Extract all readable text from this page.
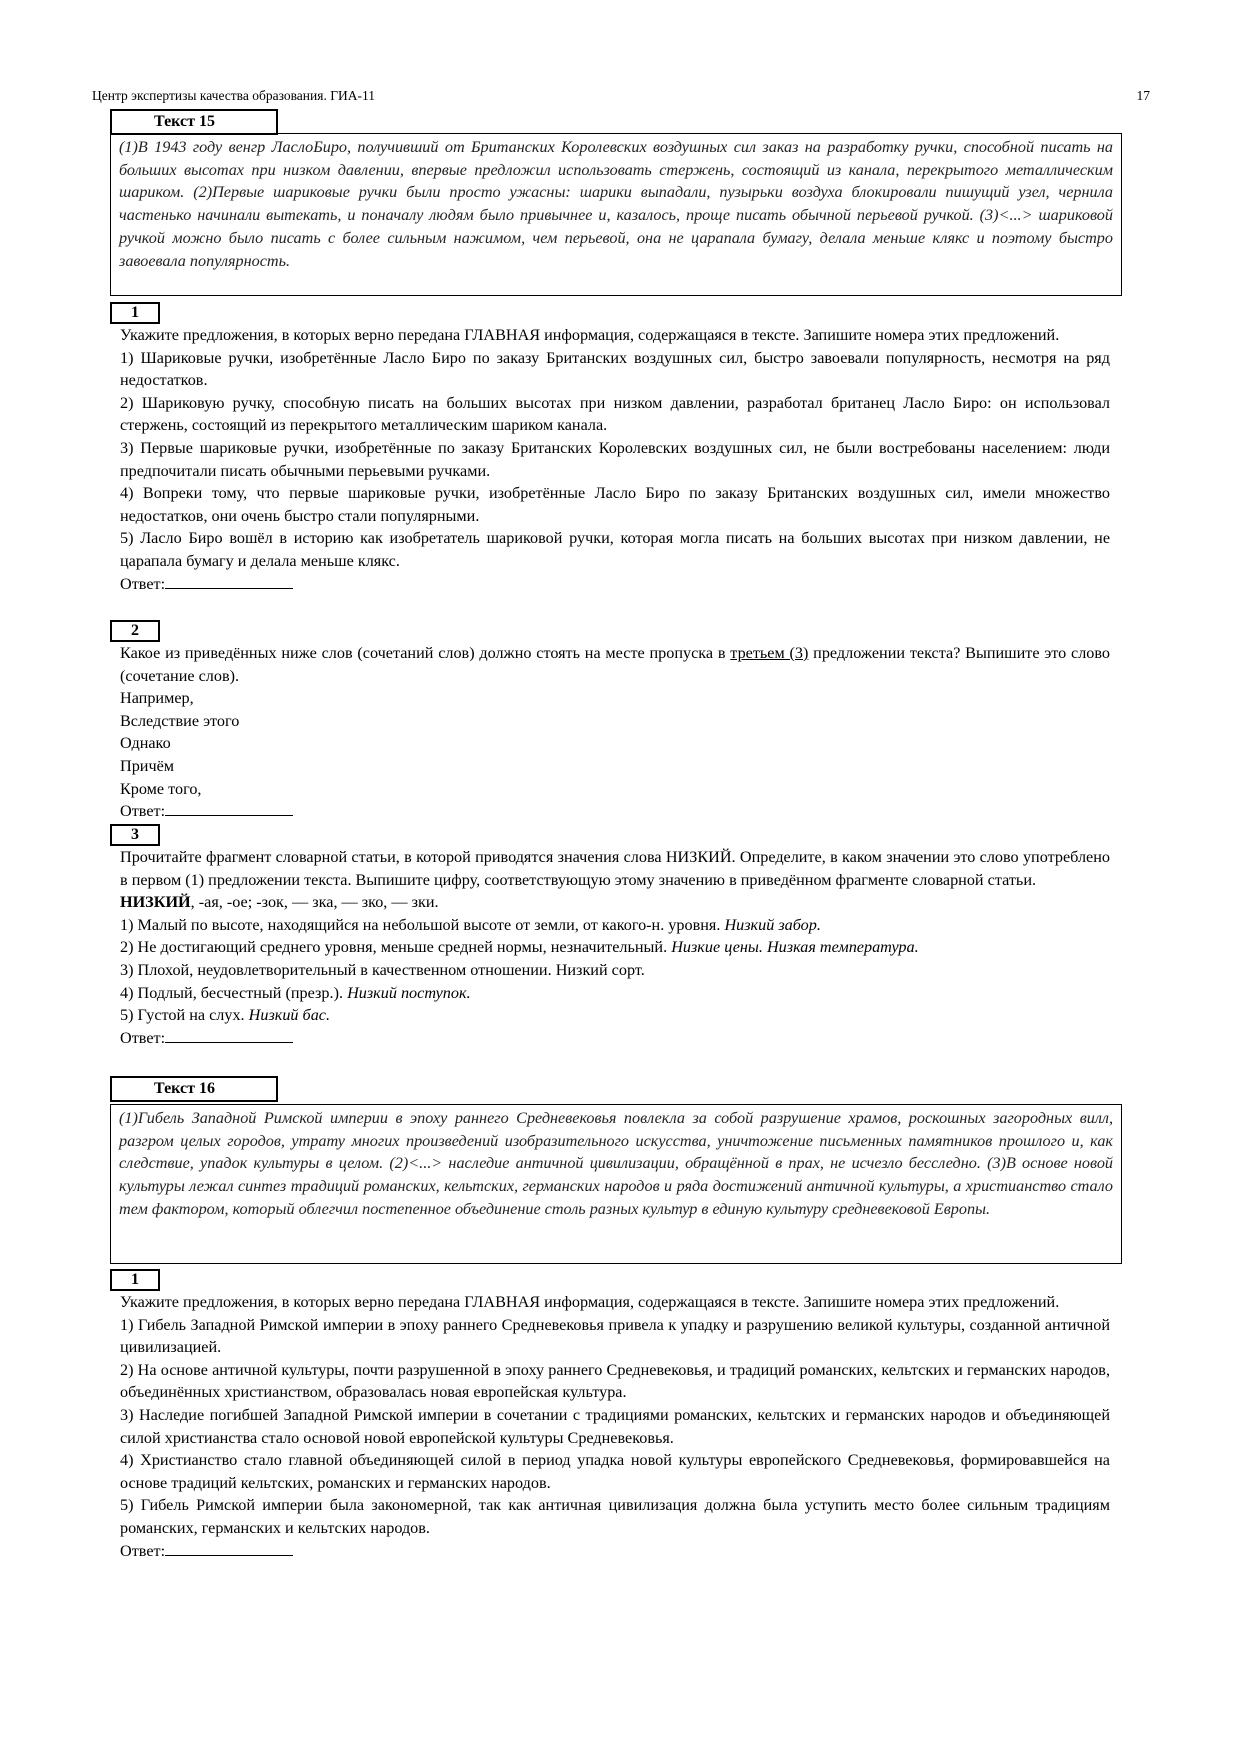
Центр экспертизы качества образования. ГИА-11	17
Текст 15
(1)В 1943 году венгр ЛаслоБиро, получивший от Британских Королевских воздушных сил заказ на разработку ручки, способной писать на больших высотах при низком давлении, впервые предложил использовать стержень, состоящий из канала, перекрытого металлическим шариком. (2)Первые шариковые ручки были просто ужасны: шарики выпадали, пузырьки воздуха блокировали пишущий узел, чернила частенько начинали вытекать, и поначалу людям было привычнее и, казалось, проще писать обычной перьевой ручкой. (3)<...> шариковой ручкой можно было писать с более сильным нажимом, чем перьевой, она не царапала бумагу, делала меньше клякс и поэтому быстро завоевала популярность.
1

Укажите предложения, в которых верно передана ГЛАВНАЯ информация, содержащаяся в тексте. Запишите номера этих предложений.

1) Шариковые ручки, изобретённые Ласло Биро по заказу Британских воздушных сил, быстро завоевали популярность, несмотря на ряд недостатков.

2) Шариковую ручку, способную писать на больших высотах при низком давлении, разработал британец Ласло Биро: он использовал стержень, состоящий из перекрытого металлическим шариком канала.

3) Первые шариковые ручки, изобретённые по заказу Британских Королевских воздушных сил, не были востребованы населением: люди предпочитали писать обычными перьевыми ручками.

4) Вопреки тому, что первые шариковые ручки, изобретённые Ласло Биро по заказу Британских воздушных сил, имели множество недостатков, они очень быстро стали популярными.

5) Ласло Биро вошёл в историю как изобретатель шариковой ручки, которая могла писать на больших высотах при низком давлении, не царапала бумагу и делала меньше клякс.

Ответ:

2

Какое из приведённых ниже слов (сочетаний слов) должно стоять на месте пропуска в третьем (3) предложении текста? Выпишите это слово (сочетание слов).

Например,

Вследствие этого

Однако

Причём

Кроме того,

Ответ:

3

Прочитайте фрагмент словарной статьи, в которой приводятся значения слова НИЗКИЙ. Определите, в каком значении это слово употреблено в первом (1) предложении текста. Выпишите цифру, соответствующую этому значению в приведённом фрагменте словарной статьи.

НИЗКИЙ, -ая, -ое; -зок, — зка, — зко, — зки.

1) Малый по высоте, находящийся на небольшой высоте от земли, от какого-н. уровня. Низкий забор.

2) Не достигающий среднего уровня, меньше средней нормы, незначительный. Низкие цены. Низкая температура.

3) Плохой, неудовлетворительный в качественном отношении. Низкий сорт.

4) Подлый, бесчестный (презр.). Низкий поступок.

5) Густой на слух. Низкий бас.

Ответ:

Текст 16
(1)Гибель Западной Римской империи в эпоху раннего Средневековья повлекла за собой разрушение храмов, роскошных загородных вилл, разгром целых городов, утрату многих произведений изобразительного искусства, уничтожение письменных памятников прошлого и, как следствие, упадок культуры в целом. (2)<...> наследие античной цивилизации, обращённой в прах, не исчезло бесследно. (3)В основе новой культуры лежал синтез традиций романских, кельтских, германских народов и ряда достижений античной культуры, а христианство стало тем фактором, который облегчил постепенное объединение столь разных культур в единую культуру средневековой Европы.
1

Укажите предложения, в которых верно передана ГЛАВНАЯ информация, содержащаяся в тексте. Запишите номера этих предложений.

1) Гибель Западной Римской империи в эпоху раннего Средневековья привела к упадку и разрушению великой культуры, созданной античной цивилизацией.

2) На основе античной культуры, почти разрушенной в эпоху раннего Средневековья, и традиций романских, кельтских и германских народов, объединённых христианством, образовалась новая европейская культура.

3) Наследие погибшей Западной Римской империи в сочетании с традициями романских, кельтских и германских народов и объединяющей силой христианства стало основой новой европейской культуры Средневековья.

4) Христианство стало главной объединяющей силой в период упадка новой культуры европейского Средневековья, формировавшейся на основе традиций кельтских, романских и германских народов.

5) Гибель Римской империи была закономерной, так как античная цивилизация должна была уступить место более сильным традициям романских, германских и кельтских народов.

Ответ:
